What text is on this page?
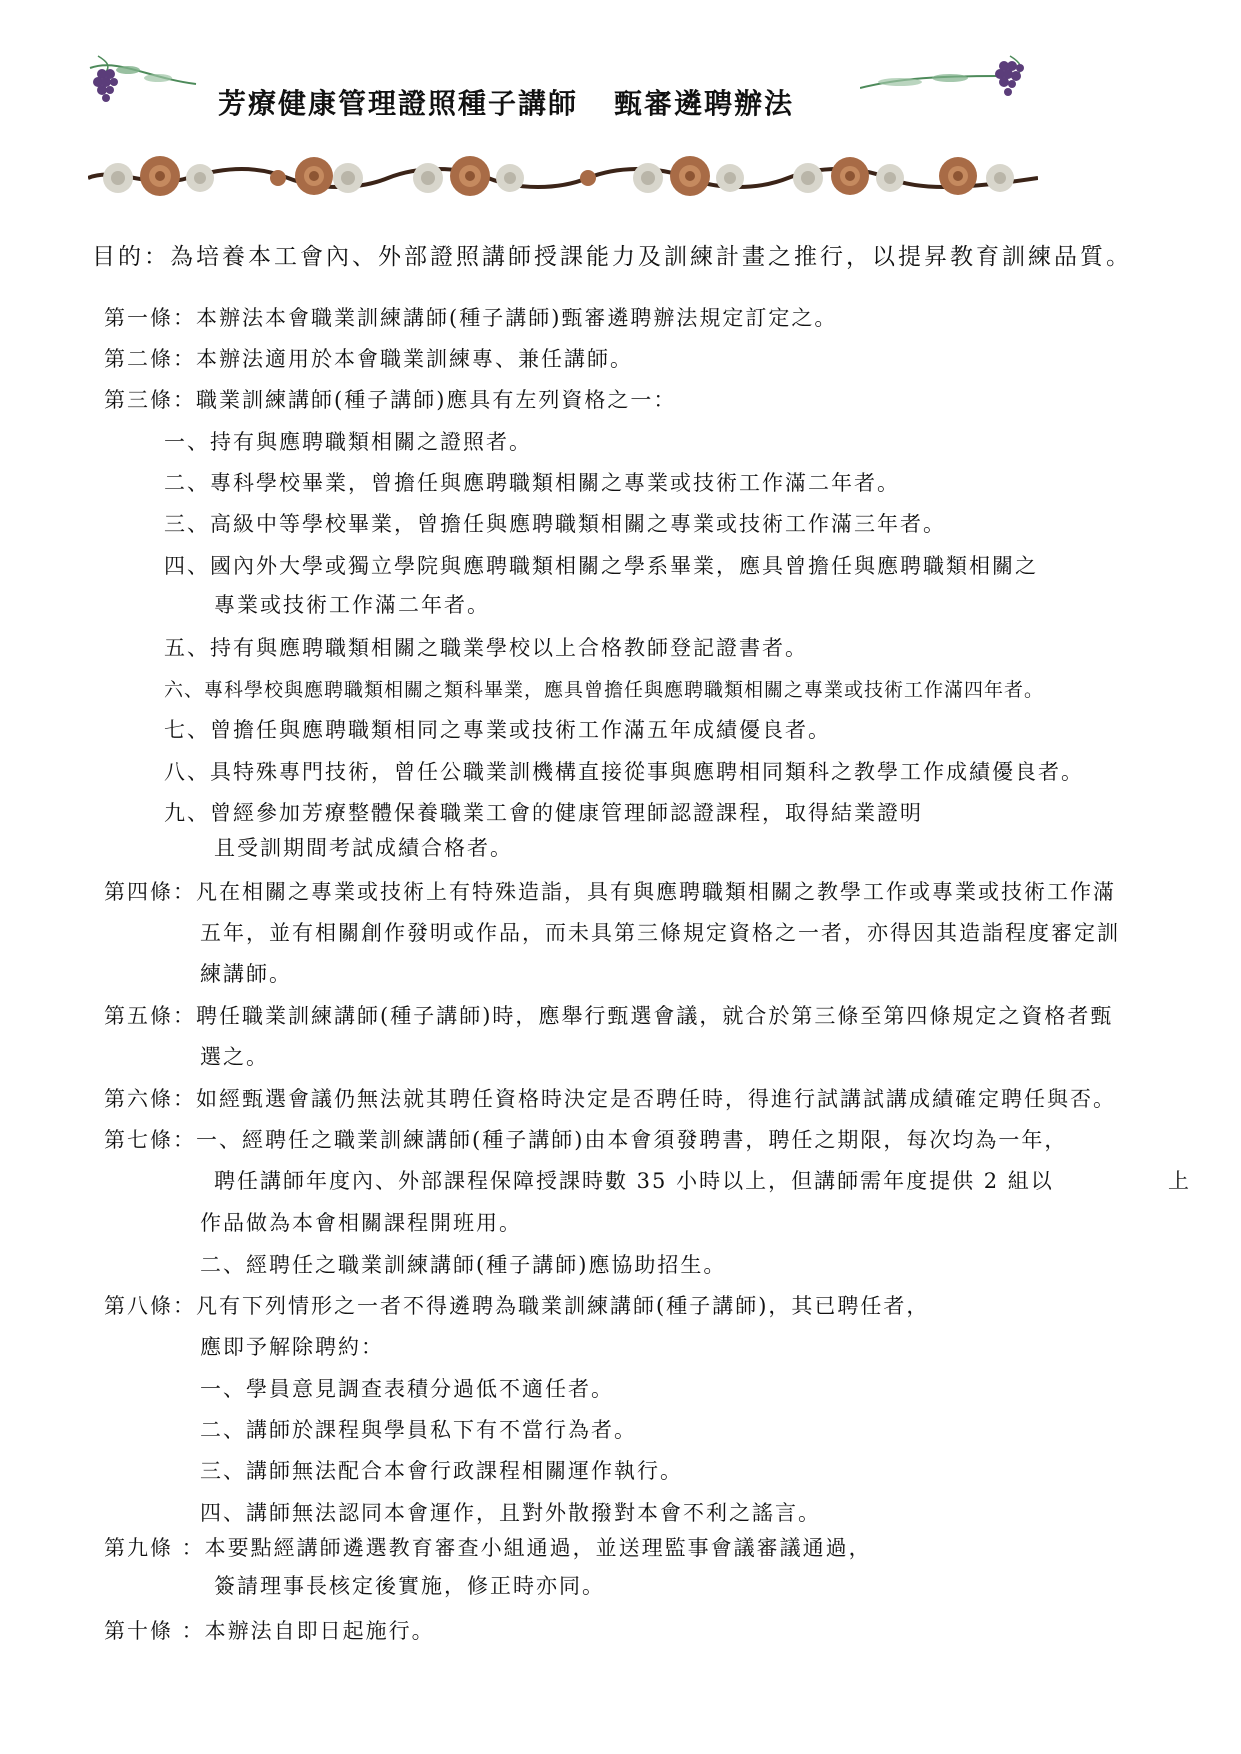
芳療健康管理證照種子講師 甄審遴聘辦法
目的：為培養本工會內、外部證照講師授課能力及訓練計畫之推行，以提昇教育訓練品質。
第一條：本辦法本會職業訓練講師(種子講師)甄審遴聘辦法規定訂定之。
第二條：本辦法適用於本會職業訓練專、兼任講師。
第三條：職業訓練講師(種子講師)應具有左列資格之一：
一、持有與應聘職類相關之證照者。
二、專科學校畢業，曾擔任與應聘職類相關之專業或技術工作滿二年者。
三、高級中等學校畢業，曾擔任與應聘職類相關之專業或技術工作滿三年者。
四、國內外大學或獨立學院與應聘職類相關之學系畢業，應具曾擔任與應聘職類相關之
專業或技術工作滿二年者。
五、持有與應聘職類相關之職業學校以上合格教師登記證書者。
六、專科學校與應聘職類相關之類科畢業，應具曾擔任與應聘職類相關之專業或技術工作滿四年者。
七、曾擔任與應聘職類相同之專業或技術工作滿五年成績優良者。
八、具特殊專門技術，曾任公職業訓機構直接從事與應聘相同類科之教學工作成績優良者。
九、曾經參加芳療整體保養職業工會的健康管理師認證課程，取得結業證明
且受訓期間考試成績合格者。
第四條：凡在相關之專業或技術上有特殊造詣，具有與應聘職類相關之教學工作或專業或技術工作滿
五年，並有相關創作發明或作品，而未具第三條規定資格之一者，亦得因其造詣程度審定訓
練講師。
第五條：聘任職業訓練講師(種子講師)時，應舉行甄選會議，就合於第三條至第四條規定之資格者甄
選之。
第六條：如經甄選會議仍無法就其聘任資格時決定是否聘任時，得進行試講試講成績確定聘任與否。
第七條：一、經聘任之職業訓練講師(種子講師)由本會須發聘書，聘任之期限，每次均為一年，
聘任講師年度內、外部課程保障授課時數 35 小時以上，但講師需年度提供 2 組以	上
作品做為本會相關課程開班用。
二、經聘任之職業訓練講師(種子講師)應協助招生。
第八條：凡有下列情形之一者不得遴聘為職業訓練講師(種子講師)，其已聘任者，
應即予解除聘約：
一、學員意見調查表積分過低不適任者。
二、講師於課程與學員私下有不當行為者。
三、講師無法配合本會行政課程相關運作執行。
四、講師無法認同本會運作，且對外散撥對本會不利之謠言。
第九條 ：本要點經講師遴選教育審查小組通過，並送理監事會議審議通過，
簽請理事長核定後實施，修正時亦同。
第十條 ：本辦法自即日起施行。
